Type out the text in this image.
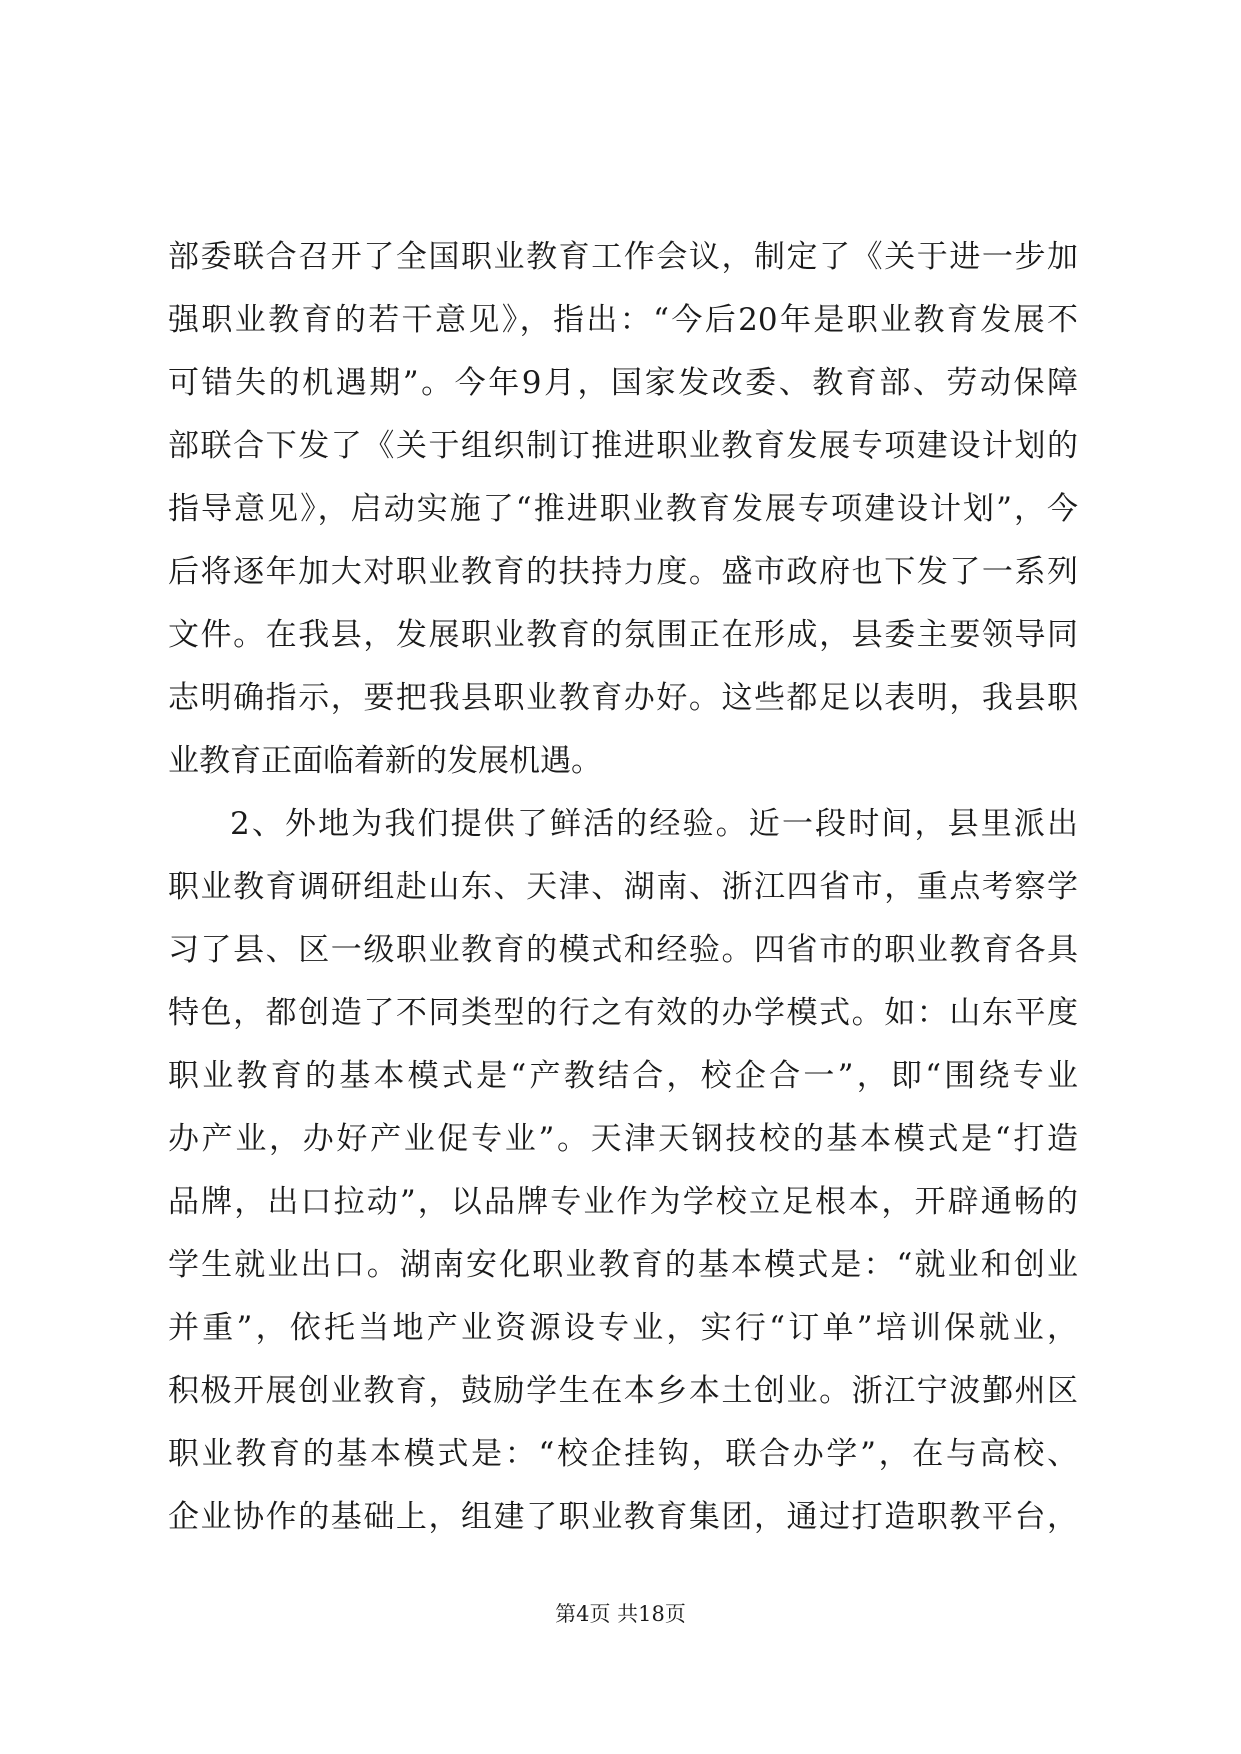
部委联合召开了全国职业教育工作会议，制定了《关于进一步加
强职业教育的若干意见》，指出：“今后20年是职业教育发展不
可错失的机遇期”。今年9月，国家发改委、教育部、劳动保障
部联合下发了《关于组织制订推进职业教育发展专项建设计划的
指导意见》，启动实施了“推进职业教育发展专项建设计划”，今
后将逐年加大对职业教育的扶持力度。盛市政府也下发了一系列
文件。在我县，发展职业教育的氛围正在形成，县委主要领导同
志明确指示，要把我县职业教育办好。这些都足以表明，我县职
业教育正面临着新的发展机遇。
2、外地为我们提供了鲜活的经验。近一段时间，县里派出
职业教育调研组赴山东、天津、湖南、浙江四省市，重点考察学
习了县、区一级职业教育的模式和经验。四省市的职业教育各具
特色，都创造了不同类型的行之有效的办学模式。如：山东平度
职业教育的基本模式是“产教结合，校企合一”，即“围绕专业
办产业，办好产业促专业”。天津天钢技校的基本模式是“打造
品牌，出口拉动”，以品牌专业作为学校立足根本，开辟通畅的
学生就业出口。湖南安化职业教育的基本模式是：“就业和创业
并重”，依托当地产业资源设专业，实行“订单”培训保就业，
积极开展创业教育，鼓励学生在本乡本土创业。浙江宁波鄞州区
职业教育的基本模式是：“校企挂钩，联合办学”，在与高校、
企业协作的基础上，组建了职业教育集团，通过打造职教平台，
第4页 共18页
